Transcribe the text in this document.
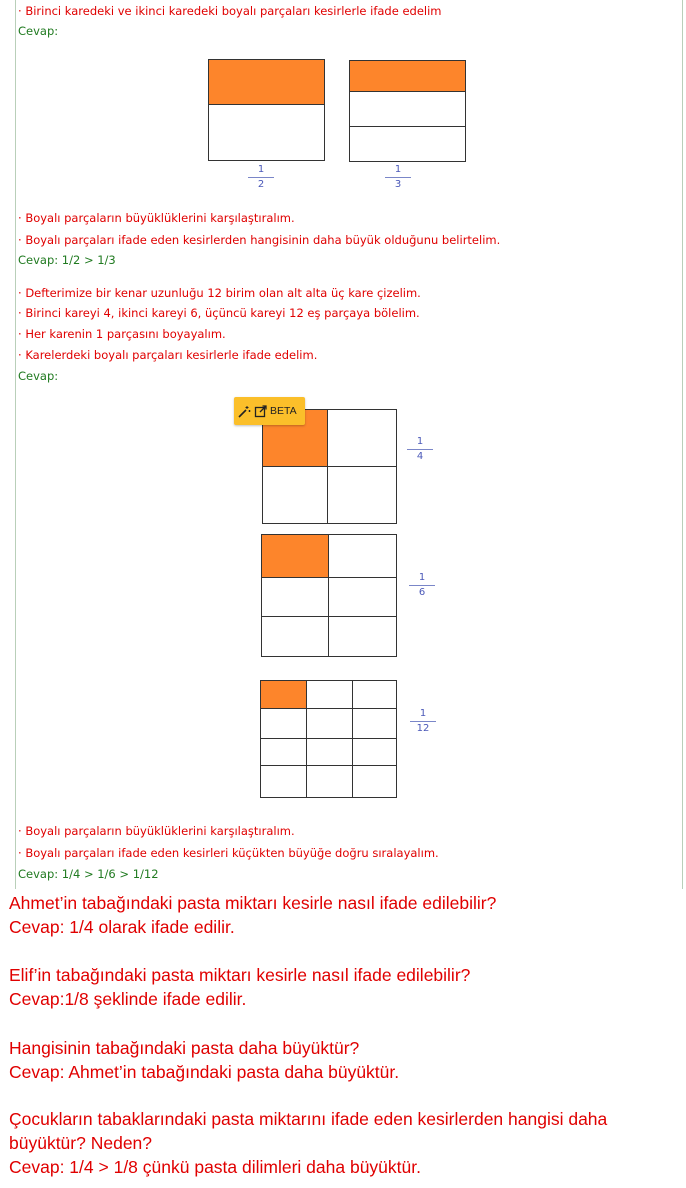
· Birinci karedeki ve ikinci karedeki boyalı parçaları kesirlerle ifade edelim
Cevap:
1
2
1
3
· Boyalı parçaların büyüklüklerini karşılaştıralım.
· Boyalı parçaları ifade eden kesirlerden hangisinin daha büyük olduğunu belirtelim.
Cevap: 1/2 > 1/3
· Defterimize bir kenar uzunluğu 12 birim olan alt alta üç kare çizelim.
· Birinci kareyi 4, ikinci kareyi 6, üçüncü kareyi 12 eş parçaya bölelim.
· Her karenin 1 parçasını boyayalım.
· Karelerdeki boyalı parçaları kesirlerle ifade edelim.
Cevap:
BETA
1
4
1
6
1
12
· Boyalı parçaların büyüklüklerini karşılaştıralım.
· Boyalı parçaları ifade eden kesirleri küçükten büyüğe doğru sıralayalım.
Cevap: 1/4 > 1/6 > 1/12
Ahmet’in tabağındaki pasta miktarı kesirle nasıl ifade edilebilir?
Cevap: 1/4 olarak ifade edilir.
Elif’in tabağındaki pasta miktarı kesirle nasıl ifade edilebilir?
Cevap:1/8 şeklinde ifade edilir.
Hangisinin tabağındaki pasta daha büyüktür?
Cevap: Ahmet’in tabağındaki pasta daha büyüktür.
Çocukların tabaklarındaki pasta miktarını ifade eden kesirlerden hangisi daha
büyüktür? Neden?
Cevap: 1/4 > 1/8 çünkü pasta dilimleri daha büyüktür.
